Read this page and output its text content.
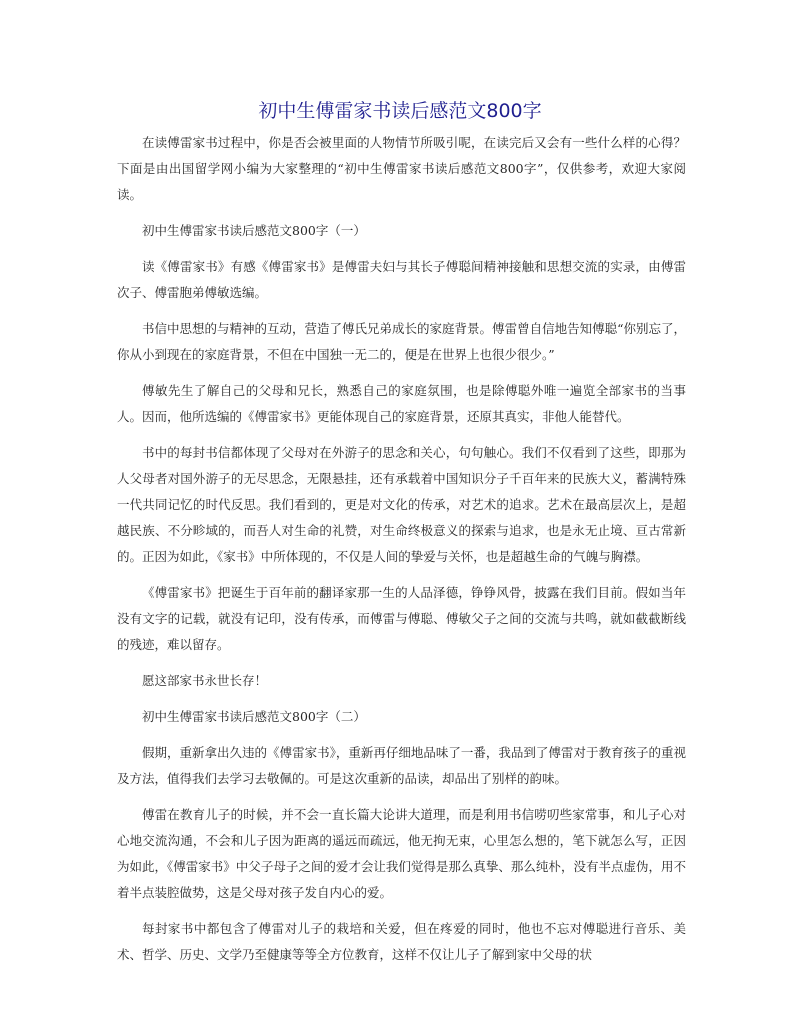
初中生傅雷家书读后感范文800字

在读傅雷家书过程中，你是否会被里面的人物情节所吸引呢，在读完后又会有一些什么样的心得？下面是由出国留学网小编为大家整理的“初中生傅雷家书读后感范文800字”，仅供参考，欢迎大家阅读。

初中生傅雷家书读后感范文800字（一）

读《傅雷家书》有感《傅雷家书》是傅雷夫妇与其长子傅聪间精神接触和思想交流的实录，由傅雷次子、傅雷胞弟傅敏选编。

书信中思想的与精神的互动，营造了傅氏兄弟成长的家庭背景。傅雷曾自信地告知傅聪“你别忘了，你从小到现在的家庭背景，不但在中国独一无二的，便是在世界上也很少很少。”

傅敏先生了解自己的父母和兄长，熟悉自己的家庭氛围，也是除傅聪外唯一遍览全部家书的当事人。因而，他所选编的《傅雷家书》更能体现自己的家庭背景，还原其真实，非他人能替代。

书中的每封书信都体现了父母对在外游子的思念和关心，句句触心。我们不仅看到了这些，即那为人父母者对国外游子的无尽思念，无限悬挂，还有承载着中国知识分子千百年来的民族大义，蓄满特殊一代共同记忆的时代反思。我们看到的，更是对文化的传承，对艺术的追求。艺术在最高层次上，是超越民族、不分畛域的，而吾人对生命的礼赞，对生命终极意义的探索与追求，也是永无止境、亘古常新的。正因为如此，《家书》中所体现的，不仅是人间的挚爱与关怀，也是超越生命的气魄与胸襟。

《傅雷家书》把诞生于百年前的翻译家那一生的人品泽德，铮铮风骨，披露在我们目前。假如当年没有文字的记载，就没有记印，没有传承，而傅雷与傅聪、傅敏父子之间的交流与共鸣，就如截截断线的残迹，难以留存。

愿这部家书永世长存！

初中生傅雷家书读后感范文800字（二）

假期，重新拿出久违的《傅雷家书》，重新再仔细地品味了一番，我品到了傅雷对于教育孩子的重视及方法，值得我们去学习去敬佩的。可是这次重新的品读，却品出了别样的韵味。

傅雷在教育儿子的时候，并不会一直长篇大论讲大道理，而是利用书信唠叨些家常事，和儿子心对心地交流沟通，不会和儿子因为距离的遥远而疏远，他无拘无束，心里怎么想的，笔下就怎么写，正因为如此，《傅雷家书》中父子母子之间的爱才会让我们觉得是那么真挚、那么纯朴，没有半点虚伪，用不着半点装腔做势，这是父母对孩子发自内心的爱。

每封家书中都包含了傅雷对儿子的栽培和关爱，但在疼爱的同时，他也不忘对傅聪进行音乐、美术、哲学、历史、文学乃至健康等等全方位教育，这样不仅让儿子了解到家中父母的状
